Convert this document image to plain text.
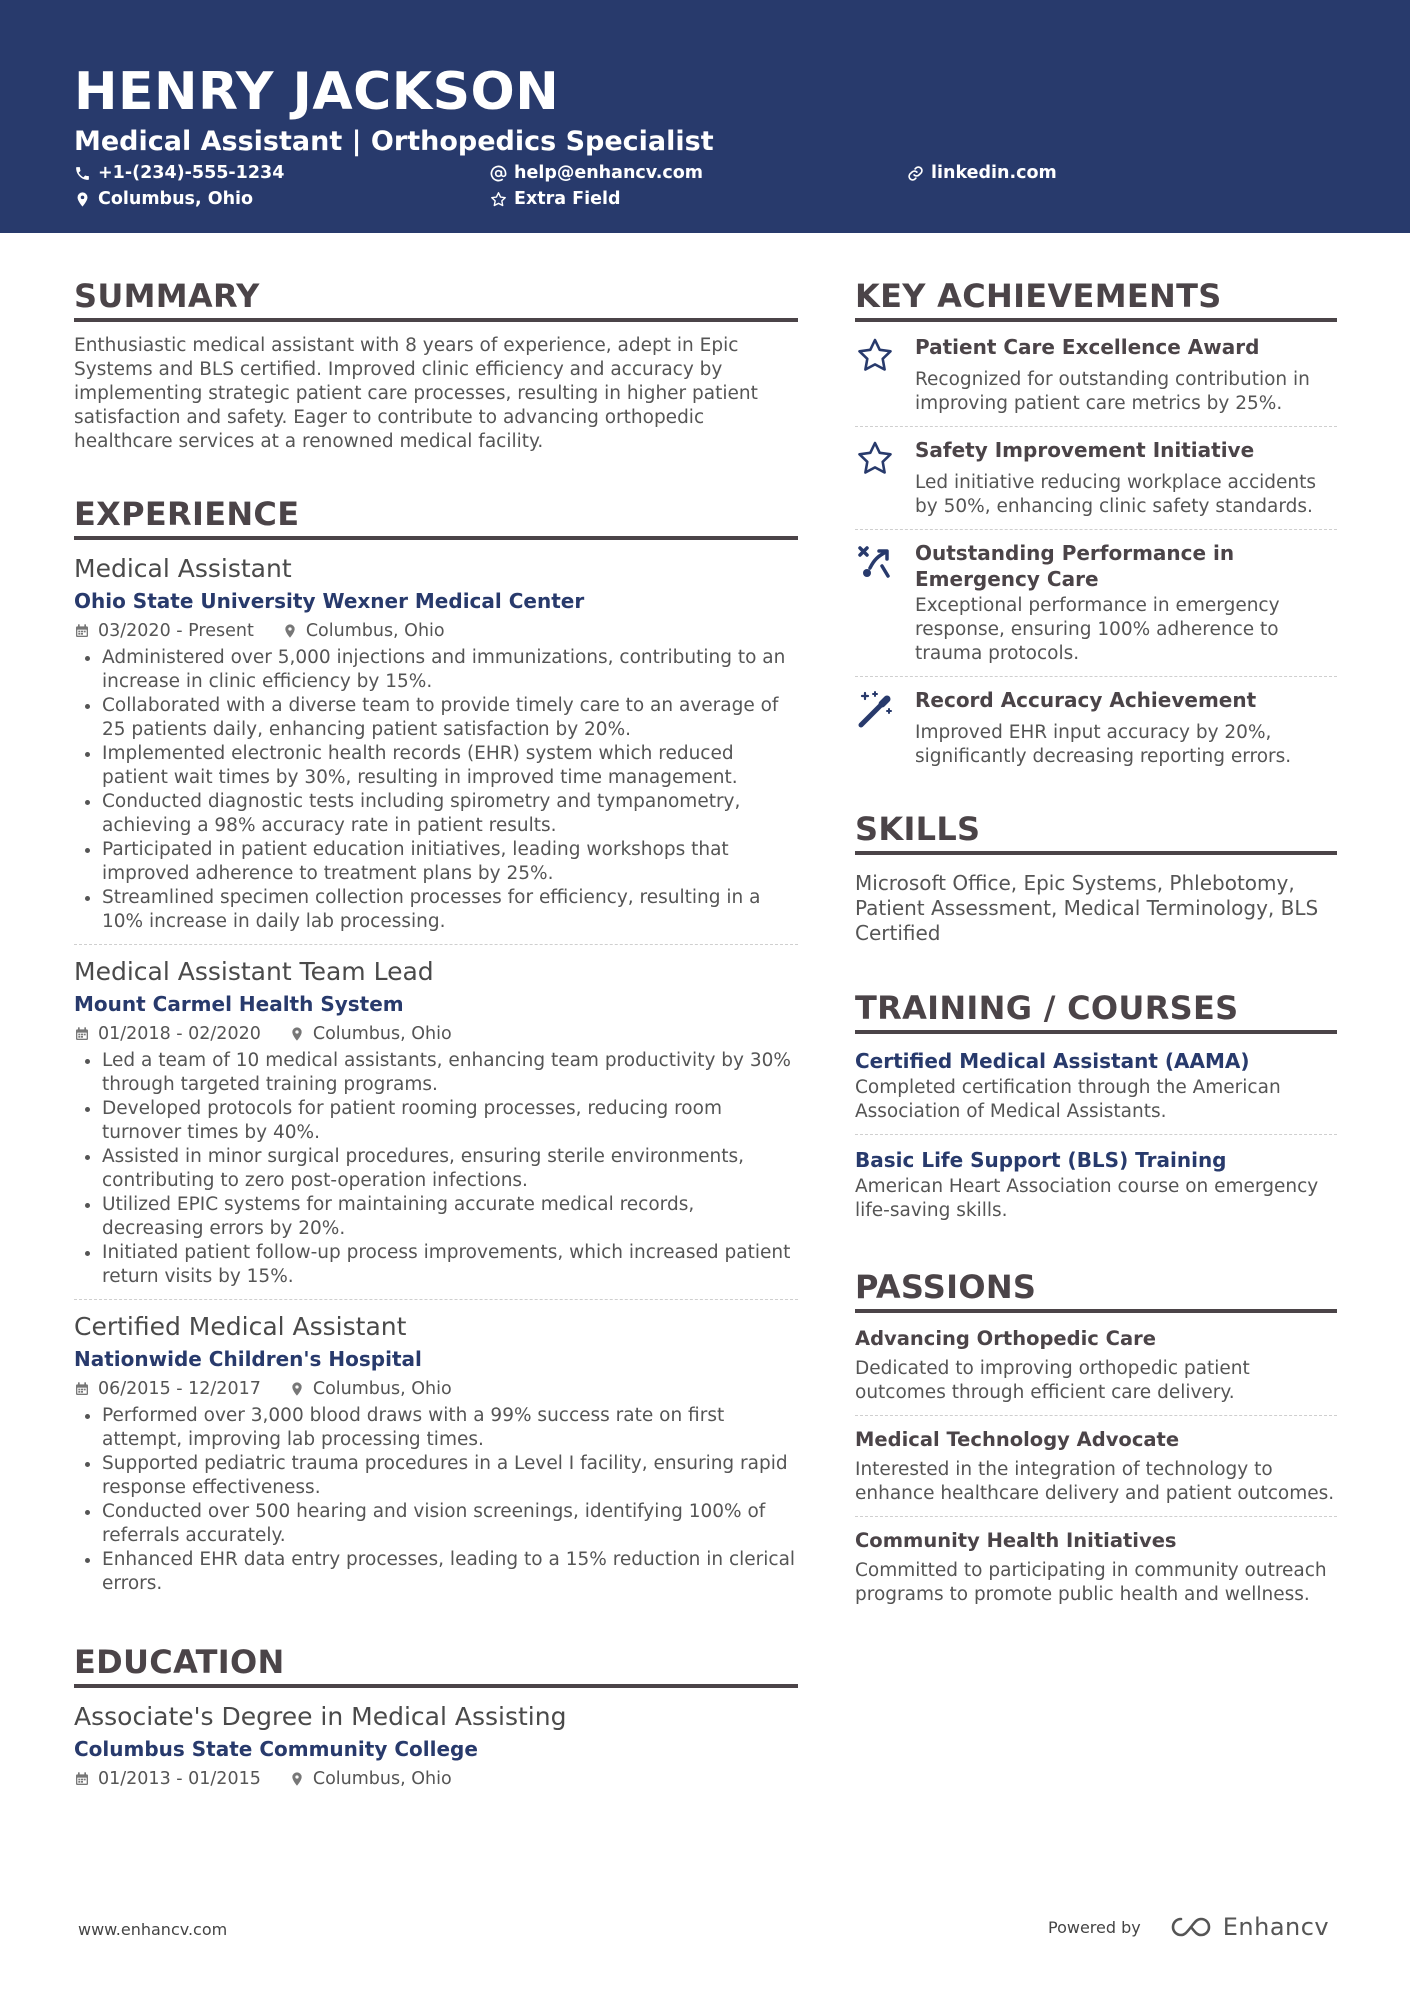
HENRY JACKSON
Medical Assistant | Orthopedics Specialist
+1-(234)-555-1234	help@enhancv.com	linkedin.com
Columbus, Ohio	Extra Field
SUMMARY
Enthusiastic medical assistant with 8 years of experience, adept in Epic Systems and BLS certified. Improved clinic efficiency and accuracy by implementing strategic patient care processes, resulting in higher patient satisfaction and safety. Eager to contribute to advancing orthopedic healthcare services at a renowned medical facility.
EXPERIENCE
Medical Assistant
Ohio State University Wexner Medical Center
03/2020 - Present	Columbus, Ohio
• Administered over 5,000 injections and immunizations, contributing to an increase in clinic efficiency by 15%.
• Collaborated with a diverse team to provide timely care to an average of 25 patients daily, enhancing patient satisfaction by 20%.
• Implemented electronic health records (EHR) system which reduced patient wait times by 30%, resulting in improved time management.
• Conducted diagnostic tests including spirometry and tympanometry, achieving a 98% accuracy rate in patient results.
• Participated in patient education initiatives, leading workshops that improved adherence to treatment plans by 25%.
• Streamlined specimen collection processes for efficiency, resulting in a 10% increase in daily lab processing.
Medical Assistant Team Lead
Mount Carmel Health System
01/2018 - 02/2020	Columbus, Ohio
• Led a team of 10 medical assistants, enhancing team productivity by 30% through targeted training programs.
• Developed protocols for patient rooming processes, reducing room turnover times by 40%.
• Assisted in minor surgical procedures, ensuring sterile environments, contributing to zero post-operation infections.
• Utilized EPIC systems for maintaining accurate medical records, decreasing errors by 20%.
• Initiated patient follow-up process improvements, which increased patient return visits by 15%.
Certified Medical Assistant
Nationwide Children's Hospital
06/2015 - 12/2017	Columbus, Ohio
• Performed over 3,000 blood draws with a 99% success rate on first attempt, improving lab processing times.
• Supported pediatric trauma procedures in a Level I facility, ensuring rapid response effectiveness.
• Conducted over 500 hearing and vision screenings, identifying 100% of referrals accurately.
• Enhanced EHR data entry processes, leading to a 15% reduction in clerical errors.
EDUCATION
Associate's Degree in Medical Assisting
Columbus State Community College
01/2013 - 01/2015	Columbus, Ohio
KEY ACHIEVEMENTS
Patient Care Excellence Award
Recognized for outstanding contribution in improving patient care metrics by 25%.
Safety Improvement Initiative
Led initiative reducing workplace accidents by 50%, enhancing clinic safety standards.
Outstanding Performance in Emergency Care
Exceptional performance in emergency response, ensuring 100% adherence to trauma protocols.
Record Accuracy Achievement
Improved EHR input accuracy by 20%, significantly decreasing reporting errors.
SKILLS
Microsoft Office, Epic Systems, Phlebotomy, Patient Assessment, Medical Terminology, BLS Certified
TRAINING / COURSES
Certified Medical Assistant (AAMA)
Completed certification through the American Association of Medical Assistants.
Basic Life Support (BLS) Training
American Heart Association course on emergency life-saving skills.
PASSIONS
Advancing Orthopedic Care
Dedicated to improving orthopedic patient outcomes through efficient care delivery.
Medical Technology Advocate
Interested in the integration of technology to enhance healthcare delivery and patient outcomes.
Community Health Initiatives
Committed to participating in community outreach programs to promote public health and wellness.
www.enhancv.com	Powered by	Enhancv
